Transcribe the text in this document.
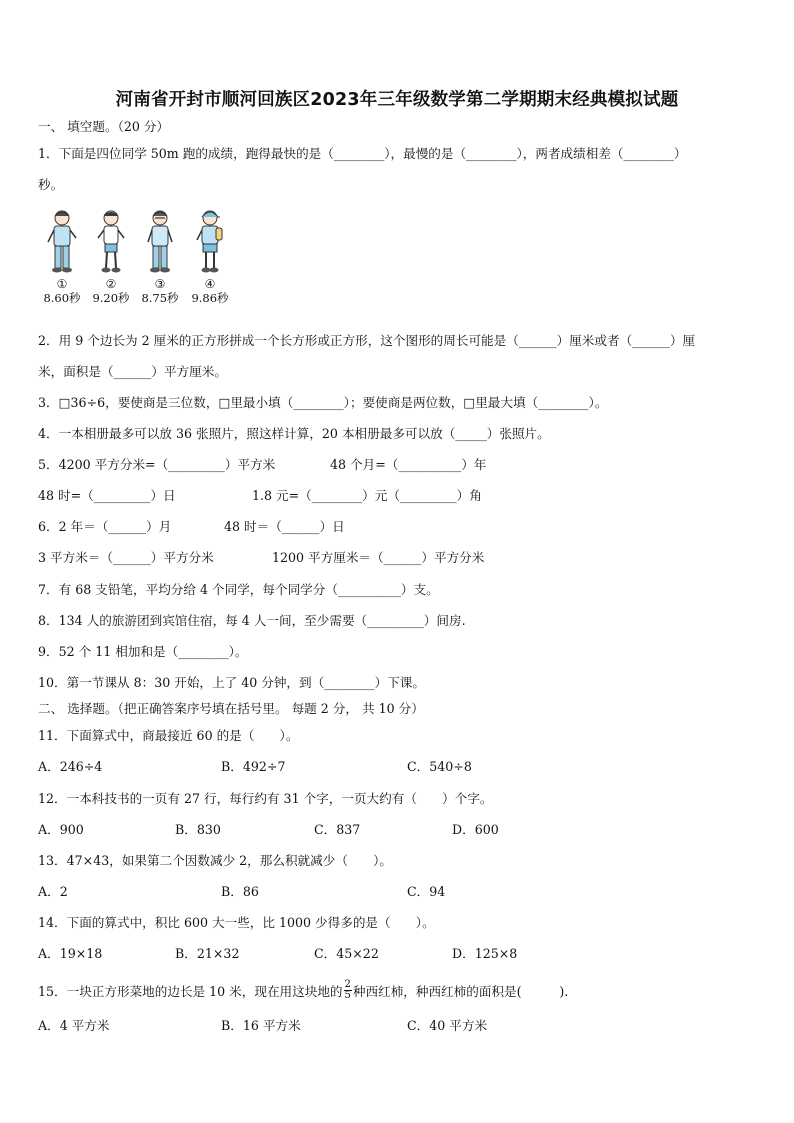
河南省开封市顺河回族区2023年三年级数学第二学期期末经典模拟试题
一、 填空题。（20 分）
1．下面是四位同学 50m 跑的成绩，跑得最快的是（________），最慢的是（________），两者成绩相差（________）
秒。
①
8.60秒
②
9.20秒
③
8.75秒
④
9.86秒
2．用 9 个边长为 2 厘米的正方形拼成一个长方形或正方形，这个图形的周长可能是（______）厘米或者（______）厘
米，面积是（______）平方厘米。
3．□36÷6，要使商是三位数，□里最小填（________）；要使商是两位数，□里最大填（________）。
4．一本相册最多可以放 36 张照片，照这样计算，20 本相册最多可以放（_____）张照片。
5．4200 平方分米=（_________）平方米	48 个月=（__________）年
48 时=（_________）日	1.8 元=（________）元（_________）角
6．2 年＝（______）月	48 时＝（______）日
3 平方米＝（______）平方分米	1200 平方厘米＝（______）平方分米
7．有 68 支铅笔，平均分给 4 个同学，每个同学分（__________）支。
8．134 人的旅游团到宾馆住宿，每 4 人一间，至少需要（_________）间房.
9．52 个 11 相加和是（________）。
10．第一节课从 8：30 开始，上了 40 分钟，到（________）下课。
二、 选择题。（把正确答案序号填在括号里。 每题 2 分， 共 10 分）
11．下面算式中，商最接近 60 的是（　　）。
A．246÷4	B．492÷7	C．540÷8
12．一本科技书的一页有 27 行，每行约有 31 个字，一页大约有（　　）个字。
A．900	B．830	C．837	D．600
13．47×43，如果第二个因数减少 2，那么积就减少（　　）。
A．2	B．86	C．94
14．下面的算式中，积比 600 大一些，比 1000 少得多的是（　　）。
A．19×18	B．21×32	C．45×22	D．125×8
15．一块正方形菜地的边长是 10 米，现在用这块地的 $\frac{2}{5}$ 种西红柿，种西红柿的面积是(　　　).
A．4 平方米	B．16 平方米	C．40 平方米
